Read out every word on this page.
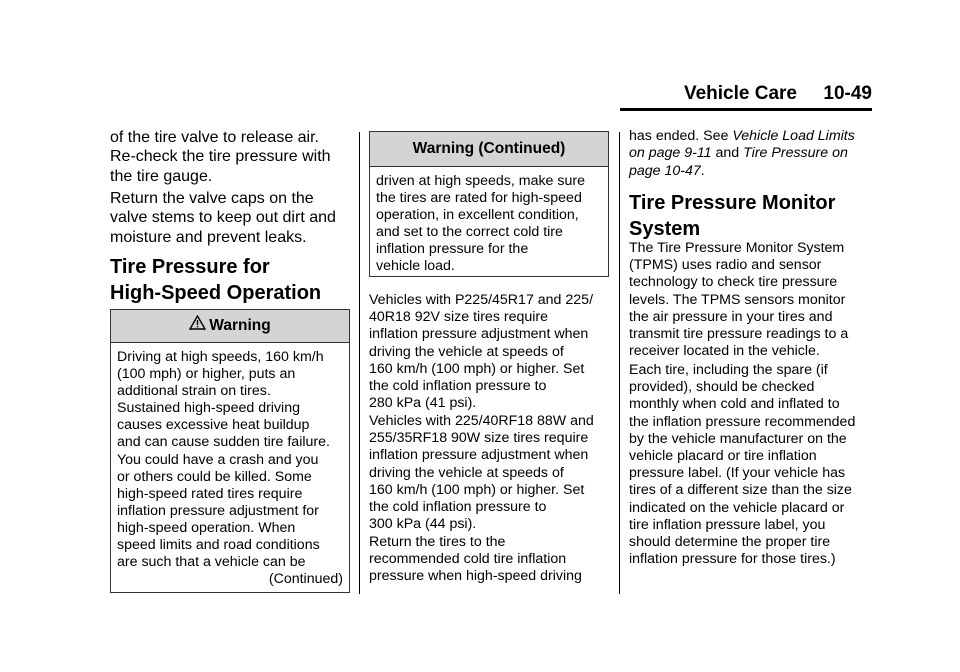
Vehicle Care 10-49

of the tire valve to release air.
Re-check the tire pressure with
the tire gauge.

Return the valve caps on the
valve stems to keep out dirt and
moisture and prevent leaks.

Tire Pressure for
High-Speed Operation
Warning
Driving at high speeds, 160 km/h
(100 mph) or higher, puts an
additional strain on tires.
Sustained high-speed driving
causes excessive heat buildup
and can cause sudden tire failure.
You could have a crash and you
or others could be killed. Some
high-speed rated tires require
inflation pressure adjustment for
high-speed operation. When
speed limits and road conditions
are such that a vehicle can be
(Continued)
Warning (Continued)
driven at high speeds, make sure
the tires are rated for high-speed
operation, in excellent condition,
and set to the correct cold tire
inflation pressure for the
vehicle load.

Vehicles with P225/45R17 and 225/
40R18 92V size tires require
inflation pressure adjustment when
driving the vehicle at speeds of
160 km/h (100 mph) or higher. Set
the cold inflation pressure to
280 kPa (41 psi).

Vehicles with 225/40RF18 88W and
255/35RF18 90W size tires require
inflation pressure adjustment when
driving the vehicle at speeds of
160 km/h (100 mph) or higher. Set
the cold inflation pressure to
300 kPa (44 psi).

Return the tires to the
recommended cold tire inflation
pressure when high-speed driving

has ended. See Vehicle Load Limits
on page 9-11 and Tire Pressure on
page 10-47.

Tire Pressure Monitor
System

The Tire Pressure Monitor System
(TPMS) uses radio and sensor
technology to check tire pressure
levels. The TPMS sensors monitor
the air pressure in your tires and
transmit tire pressure readings to a
receiver located in the vehicle.

Each tire, including the spare (if
provided), should be checked
monthly when cold and inflated to
the inflation pressure recommended
by the vehicle manufacturer on the
vehicle placard or tire inflation
pressure label. (If your vehicle has
tires of a different size than the size
indicated on the vehicle placard or
tire inflation pressure label, you
should determine the proper tire
inflation pressure for those tires.)
